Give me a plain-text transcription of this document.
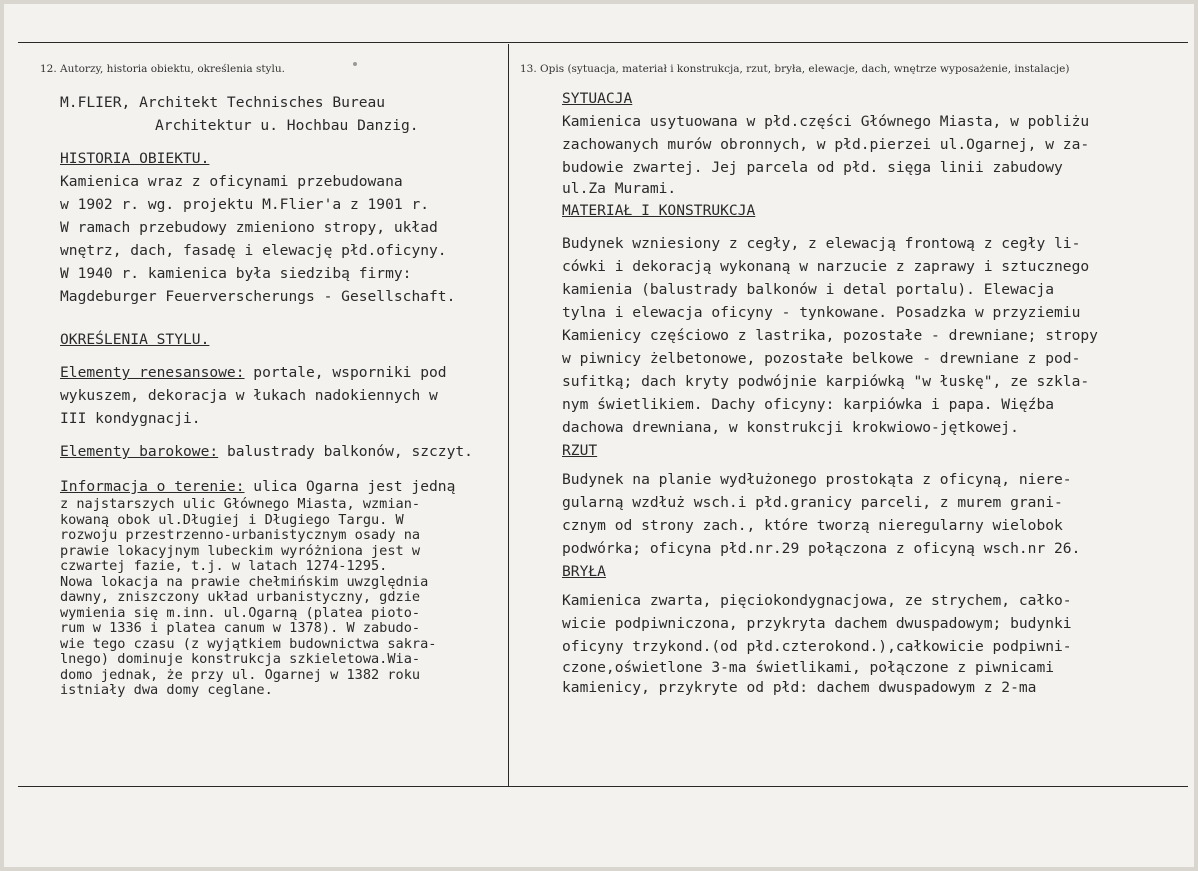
12. Autorzy, historia obiektu, określenia stylu.	13. Opis (sytuacja, materiał i konstrukcja, rzut, bryła, elewacje, dach, wnętrze wyposażenie, instalacje)
M.FLIER, Architekt Technisches Bureau
Architektur u. Hochbau Danzig.
HISTORIA OBIEKTU.
Kamienica wraz z oficynami przebudowana
w 1902 r. wg. projektu M.Flier'a z 1901 r.
W ramach przebudowy zmieniono stropy, układ
wnętrz, dach, fasadę i elewację płd.oficyny.
W 1940 r. kamienica była siedzibą firmy:
Magdeburger Feuerverscherungs - Gesellschaft.
OKREŚLENIA STYLU.
Elementy renesansowe: portale, wsporniki pod
wykuszem, dekoracja w łukach nadokiennych w
III kondygnacji.
Elementy barokowe: balustrady balkonów, szczyt.
Informacja o terenie: ulica Ogarna jest jedną
z najstarszych ulic Głównego Miasta, wzmian-
kowaną obok ul.Długiej i Długiego Targu. W
rozwoju przestrzenno-urbanistycznym osady na
prawie lokacyjnym lubeckim wyróżniona jest w
czwartej fazie, t.j. w latach 1274-1295.
Nowa lokacja na prawie chełmińskim uwzględnia
dawny, zniszczony układ urbanistyczny, gdzie
wymienia się m.inn. ul.Ogarną (platea pioto-
rum w 1336 i platea canum w 1378). W zabudo-
wie tego czasu (z wyjątkiem budownictwa sakra-
lnego) dominuje konstrukcja szkieletowa.Wia-
domo jednak, że przy ul. Ogarnej w 1382 roku
istniały dwa domy ceglane.
SYTUACJA
Kamienica usytuowana w płd.części Głównego Miasta, w pobliżu
zachowanych murów obronnych, w płd.pierzei ul.Ogarnej, w za-
budowie zwartej. Jej parcela od płd. sięga linii zabudowy
ul.Za Murami.
MATERIAŁ I KONSTRUKCJA
Budynek wzniesiony z cegły, z elewacją frontową z cegły li-
cówki i dekoracją wykonaną w narzucie z zaprawy i sztucznego
kamienia (balustrady balkonów i detal portalu). Elewacja
tylna i elewacja oficyny - tynkowane. Posadzka w przyziemiu
Kamienicy częściowo z lastrika, pozostałe - drewniane; stropy
w piwnicy żelbetonowe, pozostałe belkowe - drewniane z pod-
sufitką; dach kryty podwójnie karpiówką "w łuskę", ze szkla-
nym świetlikiem. Dachy oficyny: karpiówka i papa. Więźba
dachowa drewniana, w konstrukcji krokwiowo-jętkowej.
RZUT
Budynek na planie wydłużonego prostokąta z oficyną, niere-
gularną wzdłuż wsch.i płd.granicy parceli, z murem grani-
cznym od strony zach., które tworzą nieregularny wielobok
podwórka; oficyna płd.nr.29 połączona z oficyną wsch.nr 26.
BRYŁA
Kamienica zwarta, pięciokondygnacjowa, ze strychem, całko-
wicie podpiwniczona, przykryta dachem dwuspadowym; budynki
oficyny trzykond.(od płd.czterokond.),całkowicie podpiwni-
czone,oświetlone 3-ma świetlikami, połączone z piwnicami
kamienicy, przykryte od płd: dachem dwuspadowym z 2-ma
